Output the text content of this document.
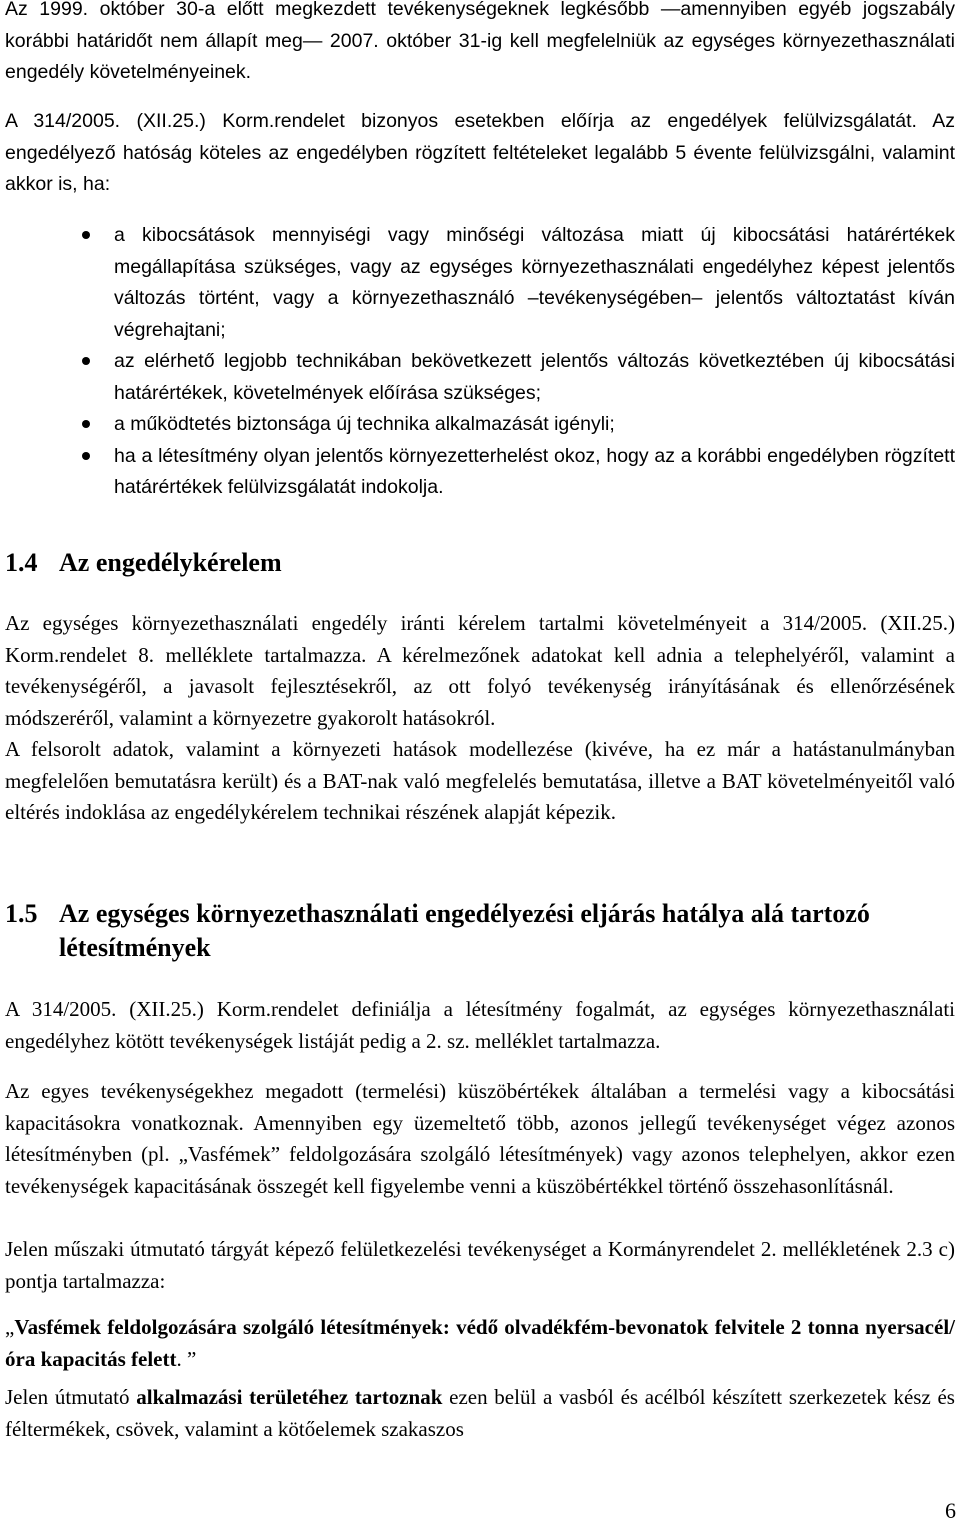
Az 1999. október 30-a előtt megkezdett tevékenységeknek legkésőbb —amennyiben egyéb jogszabály korábbi határidőt nem állapít meg— 2007. október 31-ig kell megfelelniük az egységes környezethasználati engedély követelményeinek.

A 314/2005. (XII.25.) Korm.rendelet bizonyos esetekben előírja az engedélyek felülvizsgálatát. Az engedélyező hatóság köteles az engedélyben rögzített feltételeket legalább 5 évente felülvizsgálni, valamint akkor is, ha:

a kibocsátások mennyiségi vagy minőségi változása miatt új kibocsátási határértékek megállapítása szükséges, vagy az egységes környezethasználati engedélyhez képest jelentős változás történt, vagy a környezethasználó –tevékenységében– jelentős változtatást kíván végrehajtani;
az elérhető legjobb technikában bekövetkezett jelentős változás következtében új kibocsátási határértékek, követelmények előírása szükséges;
a működtetés biztonsága új technika alkalmazását igényli;
ha a létesítmény olyan jelentős környezetterhelést okoz, hogy az a korábbi engedélyben rögzített határértékek felülvizsgálatát indokolja.
1.4 Az engedélykérelem

Az egységes környezethasználati engedély iránti kérelem tartalmi követelményeit a 314/2005. (XII.25.) Korm.rendelet 8. melléklete tartalmazza. A kérelmezőnek adatokat kell adnia a telephelyéről, valamint a tevékenységéről, a javasolt fejlesztésekről, az ott folyó tevékenység irányításának és ellenőrzésének módszeréről, valamint a környezetre gyakorolt hatásokról.

A felsorolt adatok, valamint a környezeti hatások modellezése (kivéve, ha ez már a hatástanulmányban megfelelően bemutatásra került) és a BAT-nak való megfelelés bemutatása, illetve a BAT követelményeitől való eltérés indoklása az engedélykérelem technikai részének alapját képezik.

1.5 Az egységes környezethasználati engedélyezési eljárás hatálya alá tartozó létesítmények

A 314/2005. (XII.25.) Korm.rendelet definiálja a létesítmény fogalmát, az egységes környezethasználati engedélyhez kötött tevékenységek listáját pedig a 2. sz. melléklet tartalmazza.

Az egyes tevékenységekhez megadott (termelési) küszöbértékek általában a termelési vagy a kibocsátási kapacitásokra vonatkoznak. Amennyiben egy üzemeltető több, azonos jellegű tevékenységet végez azonos létesítményben (pl. „Vasfémek” feldolgozására szolgáló létesítmények) vagy azonos telephelyen, akkor ezen tevékenységek kapacitásának összegét kell figyelembe venni a küszöbértékkel történő összehasonlításnál.

Jelen műszaki útmutató tárgyát képező felületkezelési tevékenységet a Kormányrendelet 2. mellékletének 2.3 c) pontja tartalmazza:

„Vasfémek feldolgozására szolgáló létesítmények: védő olvadékfém-bevonatok felvitele 2 tonna nyersacél/ óra kapacitás felett. ”

Jelen útmutató alkalmazási területéhez tartoznak ezen belül a vasból és acélból készített szerkezetek kész és féltermékek, csövek, valamint a kötőelemek szakaszos

6
